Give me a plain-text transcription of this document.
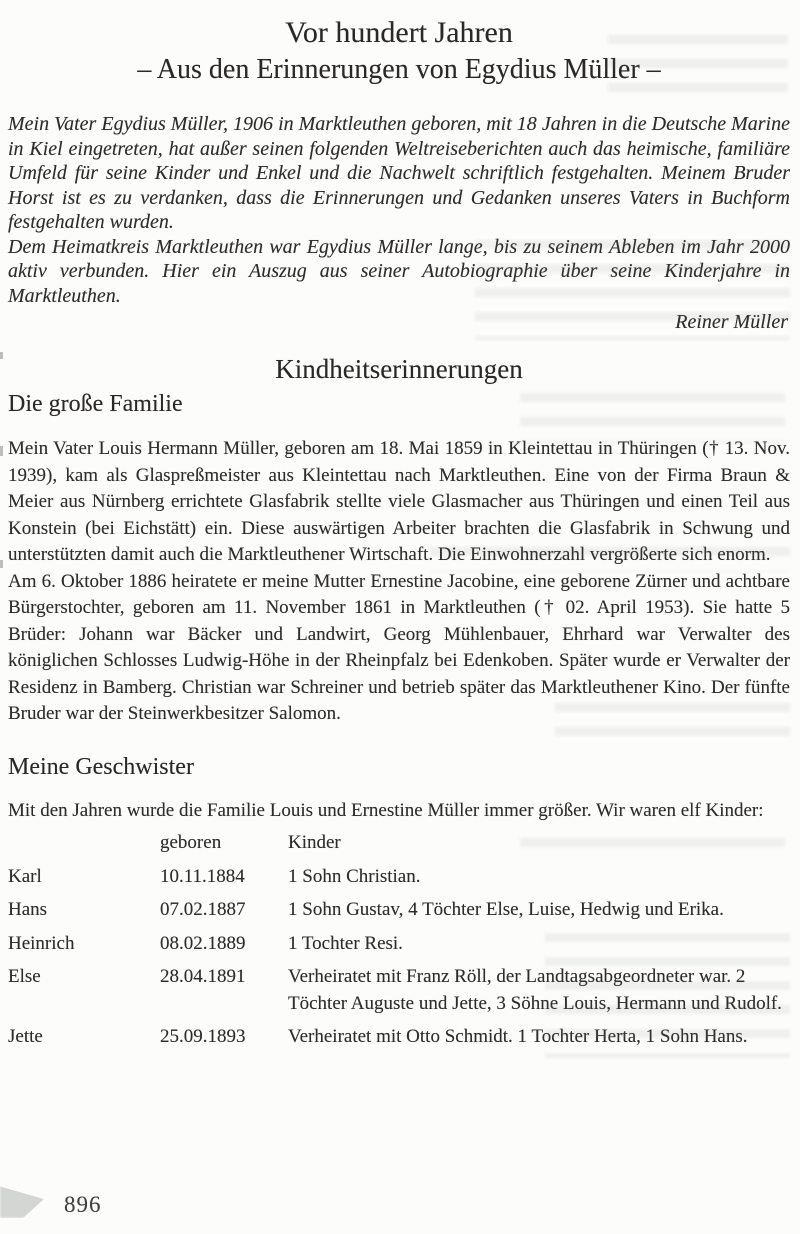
Vor hundert Jahren
– Aus den Erinnerungen von Egydius Müller –

Mein Vater Egydius Müller, 1906 in Marktleuthen geboren, mit 18 Jahren in die Deutsche Marine in Kiel eingetreten, hat außer seinen folgenden Weltreiseberichten auch das heimische, familiäre Umfeld für seine Kinder und Enkel und die Nachwelt schriftlich festgehalten. Meinem Bruder Horst ist es zu verdanken, dass die Erinnerungen und Gedanken unseres Vaters in Buchform festgehalten wurden.

Dem Heimatkreis Marktleuthen war Egydius Müller lange, bis zu seinem Ableben im Jahr 2000 aktiv verbunden. Hier ein Auszug aus seiner Autobiographie über seine Kinderjahre in Marktleuthen.

Reiner Müller

Kindheitserinnerungen
Die große Familie

Mein Vater Louis Hermann Müller, geboren am 18. Mai 1859 in Kleintettau in Thüringen († 13. Nov. 1939), kam als Glaspreßmeister aus Kleintettau nach Marktleuthen. Eine von der Firma Braun & Meier aus Nürnberg errichtete Glasfabrik stellte viele Glasmacher aus Thüringen und einen Teil aus Konstein (bei Eichstätt) ein. Diese auswärtigen Arbeiter brachten die Glasfabrik in Schwung und unterstützten damit auch die Marktleuthener Wirtschaft. Die Einwohnerzahl vergrößerte sich enorm.

Am 6. Oktober 1886 heiratete er meine Mutter Ernestine Jacobine, eine geborene Zürner und achtbare Bürgerstochter, geboren am 11. November 1861 in Marktleuthen († 02. April 1953). Sie hatte 5 Brüder: Johann war Bäcker und Landwirt, Georg Mühlenbauer, Ehrhard war Verwalter des königlichen Schlosses Ludwig-Höhe in der Rheinpfalz bei Edenkoben. Später wurde er Verwalter der Residenz in Bamberg. Christian war Schreiner und betrieb später das Marktleuthener Kino. Der fünfte Bruder war der Steinwerkbesitzer Salomon.

Meine Geschwister

Mit den Jahren wurde die Familie Louis und Ernestine Müller immer größer. Wir waren elf Kinder:

	geboren	Kinder
Karl	10.11.1884	1 Sohn Christian.
Hans	07.02.1887	1 Sohn Gustav, 4 Töchter Else, Luise, Hedwig und Erika.
Heinrich	08.02.1889	1 Tochter Resi.
Else	28.04.1891	Verheiratet mit Franz Röll, der Landtagsabgeordneter war. 2 Töchter Auguste und Jette, 3 Söhne Louis, Hermann und Rudolf.
Jette	25.09.1893	Verheiratet mit Otto Schmidt. 1 Tochter Herta, 1 Sohn Hans.
896
